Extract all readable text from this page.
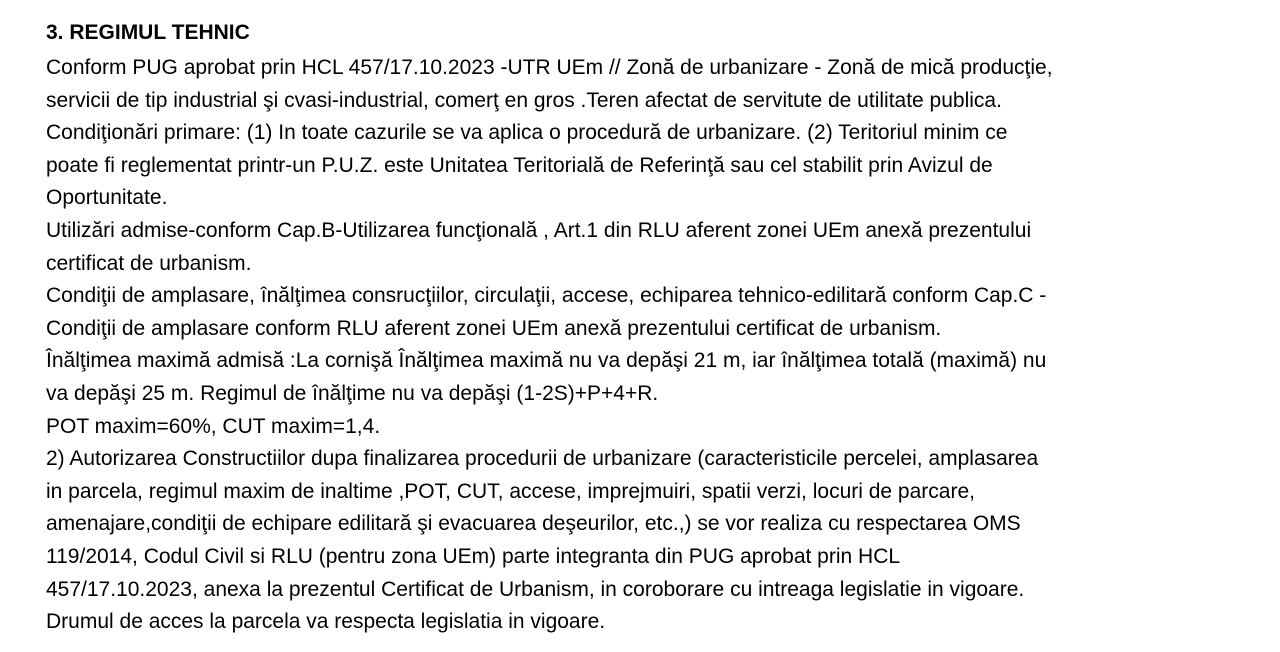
3. REGIMUL TEHNIC
Conform PUG aprobat prin HCL 457/17.10.2023 -UTR UEm // Zonă de urbanizare - Zonă de mică producţie,
servicii de tip industrial şi cvasi-industrial, comerţ en gros .Teren afectat de servitute de utilitate publica.
Condiţionări primare: (1) In toate cazurile se va aplica o procedură de urbanizare. (2) Teritoriul minim ce
poate fi reglementat printr-un P.U.Z. este Unitatea Teritorială de Referinţă sau cel stabilit prin Avizul de
Oportunitate.
Utilizări admise-conform Cap.B-Utilizarea funcţională , Art.1 din RLU aferent zonei UEm anexă prezentului
certificat de urbanism.
Condiţii de amplasare, înălţimea consrucţiilor, circulaţii, accese, echiparea tehnico-edilitară conform Cap.C -
Condiţii de amplasare conform RLU aferent zonei UEm anexă prezentului certificat de urbanism.
Înălţimea maximă admisă :La cornişă Înălţimea maximă nu va depăşi 21 m, iar înălţimea totală (maximă) nu
va depăşi 25 m. Regimul de înălţime nu va depăşi (1-2S)+P+4+R.
POT maxim=60%, CUT maxim=1,4.
2) Autorizarea Constructiilor dupa finalizarea procedurii de urbanizare (caracteristicile percelei, amplasarea
in parcela, regimul maxim de inaltime ,POT, CUT, accese, imprejmuiri, spatii verzi, locuri de parcare,
amenajare,condiţii de echipare edilitară şi evacuarea deşeurilor, etc.,) se vor realiza cu respectarea OMS
119/2014, Codul Civil si RLU (pentru zona UEm) parte integranta din PUG aprobat prin HCL
457/17.10.2023, anexa la prezentul Certificat de Urbanism, in coroborare cu intreaga legislatie in vigoare.
Drumul de acces la parcela va respecta legislatia in vigoare.
